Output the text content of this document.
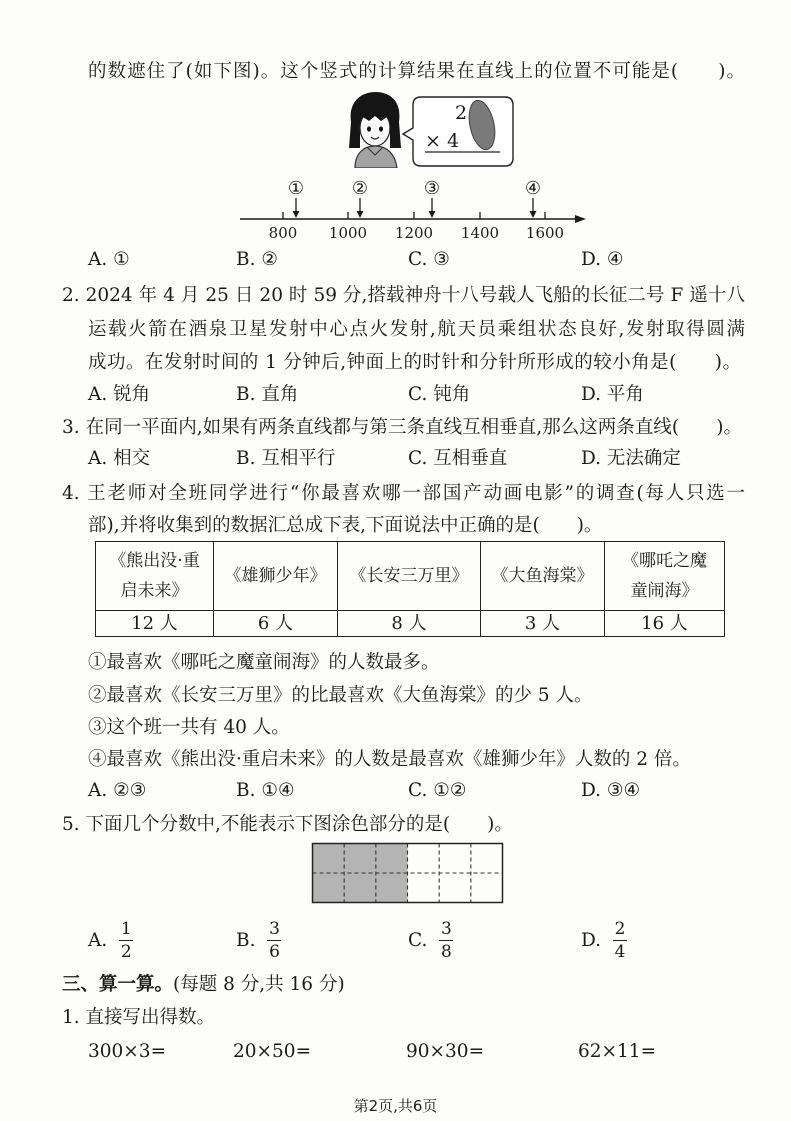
的数遮住了(如下图)。这个竖式的计算结果在直线上的位置不可能是(　　)。
2
× 4
①	②	③	④
800 1000 1200 1400 1600
A. ①	B. ②	C. ③	D. ④
2. 2024 年 4 月 25 日 20 时 59 分,搭载神舟十八号载人飞船的长征二号 F 遥十八
运载火箭在酒泉卫星发射中心点火发射,航天员乘组状态良好,发射取得圆满
成功。在发射时间的 1 分钟后,钟面上的时针和分针所形成的较小角是(　　)。
A. 锐角	B. 直角	C. 钝角	D. 平角
3. 在同一平面内,如果有两条直线都与第三条直线互相垂直,那么这两条直线(　　)。
A. 相交	B. 互相平行	C. 互相垂直	D. 无法确定
4. 王老师对全班同学进行“你最喜欢哪一部国产动画电影”的调查(每人只选一
部),并将收集到的数据汇总成下表,下面说法中正确的是(　　)。
《熊出没·重
启未来》	《雄狮少年》	《长安三万里》	《大鱼海棠》	《哪吒之魔
童闹海》

12 人	6 人	8 人	3 人	16 人
①最喜欢《哪吒之魔童闹海》的人数最多。
②最喜欢《长安三万里》的比最喜欢《大鱼海棠》的少 5 人。
③这个班一共有 40 人。
④最喜欢《熊出没·重启未来》的人数是最喜欢《雄狮少年》人数的 2 倍。
A. ②③	B. ①④	C. ①②	D. ③④
5. 下面几个分数中,不能表示下图涂色部分的是(　　)。
A. $\frac{1}{2}$	B. $\frac{3}{6}$	C. $\frac{3}{8}$	D. $\frac{2}{4}$
三、算一算。(每题 8 分,共 16 分)
1. 直接写出得数。
300×3=	20×50=	90×30=	62×11=
第2页,共6页
